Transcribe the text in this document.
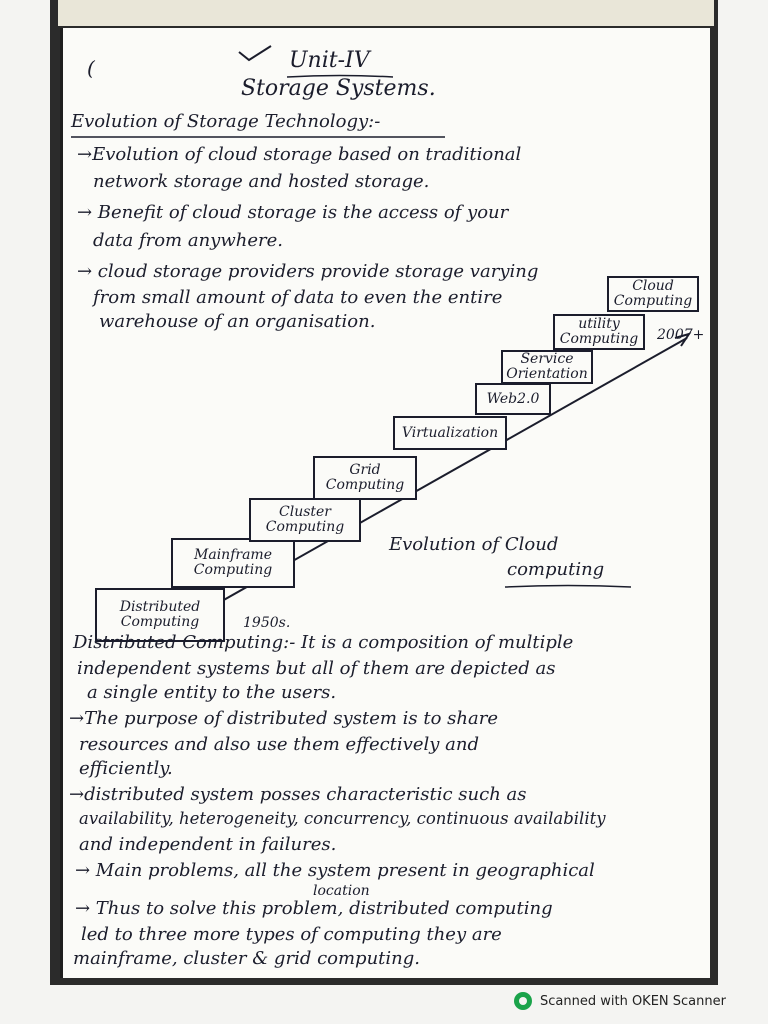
(	Unit-IV
Storage Systems.
Evolution of Storage Technology:-
→Evolution of cloud storage based on traditional
network storage and hosted storage.
→ Benefit of cloud storage is the access of your
data from anywhere.
→ cloud storage providers provide storage varying
from small amount of data to even the entire
warehouse of an organisation.
Distributed Computing
Mainframe Computing
Cluster Computing
Grid Computing
Virtualization
Web2.0
Service Orientation
utility Computing
Cloud Computing
1950s.
2007+
Evolution of Cloud
computing
Distributed Computing:- It is a composition of multiple
independent systems but all of them are depicted as
a single entity to the users.
→The purpose of distributed system is to share
resources and also use them effectively and
efficiently.
→distributed system posses characteristic such as
availability, heterogeneity, concurrency, continuous availability
and independent in failures.
→ Main problems, all the system present in geographical
location
→ Thus to solve this problem, distributed computing
led to three more types of computing they are
mainframe, cluster & grid computing.
Scanned with OKEN Scanner
